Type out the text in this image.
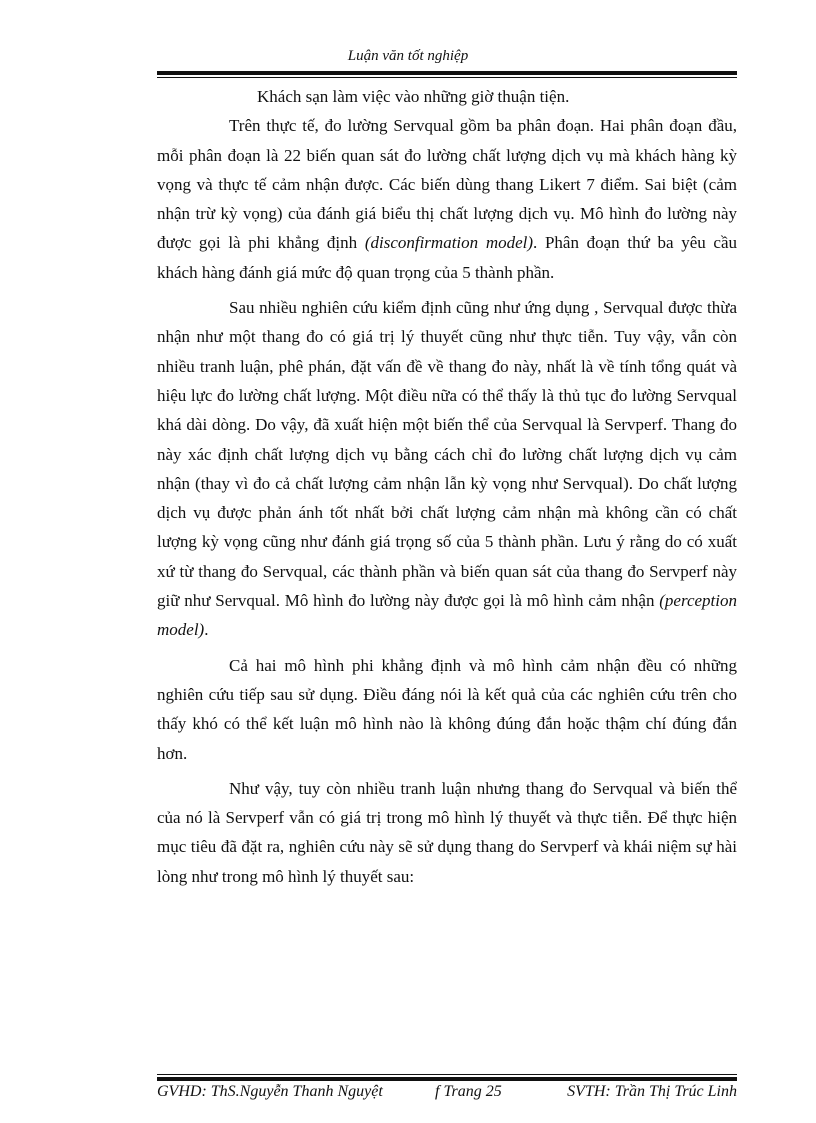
Luận văn tốt nghiệp

Khách sạn làm việc vào những giờ thuận tiện.

Trên thực tế, đo lường Servqual gồm ba phân đoạn. Hai phân đoạn đầu, mỗi phân đoạn là 22 biến quan sát đo lường chất lượng dịch vụ mà khách hàng kỳ vọng và thực tế cảm nhận được. Các biến dùng thang Likert 7 điểm. Sai biệt (cảm nhận trừ kỳ vọng) của đánh giá biểu thị chất lượng dịch vụ. Mô hình đo lường này được gọi là phi khẳng định (disconfirmation model). Phân đoạn thứ ba yêu cầu khách hàng đánh giá mức độ quan trọng của 5 thành phần.

Sau nhiều nghiên cứu kiểm định cũng như ứng dụng , Servqual được thừa nhận như một thang đo có giá trị lý thuyết cũng như thực tiễn. Tuy vậy, vẫn còn nhiều tranh luận, phê phán, đặt vấn đề về thang đo này, nhất là về tính tổng quát và hiệu lực đo lường chất lượng. Một điều nữa có thể thấy là thủ tục đo lường Servqual khá dài dòng. Do vậy, đã xuất hiện một biến thể của Servqual là Servperf. Thang đo này xác định chất lượng dịch vụ bằng cách chỉ đo lường chất lượng dịch vụ cảm nhận (thay vì đo cả chất lượng cảm nhận lẫn kỳ vọng như Servqual). Do chất lượng dịch vụ được phản ánh tốt nhất bởi chất lượng cảm nhận mà không cần có chất lượng kỳ vọng cũng như đánh giá trọng số của 5 thành phần. Lưu ý rằng do có xuất xứ từ thang đo Servqual, các thành phần và biến quan sát của thang đo Servperf này giữ như Servqual. Mô hình đo lường này được gọi là mô hình cảm nhận (perception model).

Cả hai mô hình phi khẳng định và mô hình cảm nhận đều có những nghiên cứu tiếp sau sử dụng. Điều đáng nói là kết quả của các nghiên cứu trên cho thấy khó có thể kết luận mô hình nào là không đúng đắn hoặc thậm chí đúng đắn hơn.

Như vậy, tuy còn nhiều tranh luận nhưng thang đo Servqual và biến thể của nó là Servperf vẫn có giá trị trong mô hình lý thuyết và thực tiễn. Để thực hiện mục tiêu đã đặt ra, nghiên cứu này sẽ sử dụng thang do Servperf và khái niệm sự hài lòng như trong mô hình lý thuyết sau:

GVHD: ThS.Nguyễn Thanh Nguyệt	f Trang 25	SVTH: Trần Thị Trúc Linh
